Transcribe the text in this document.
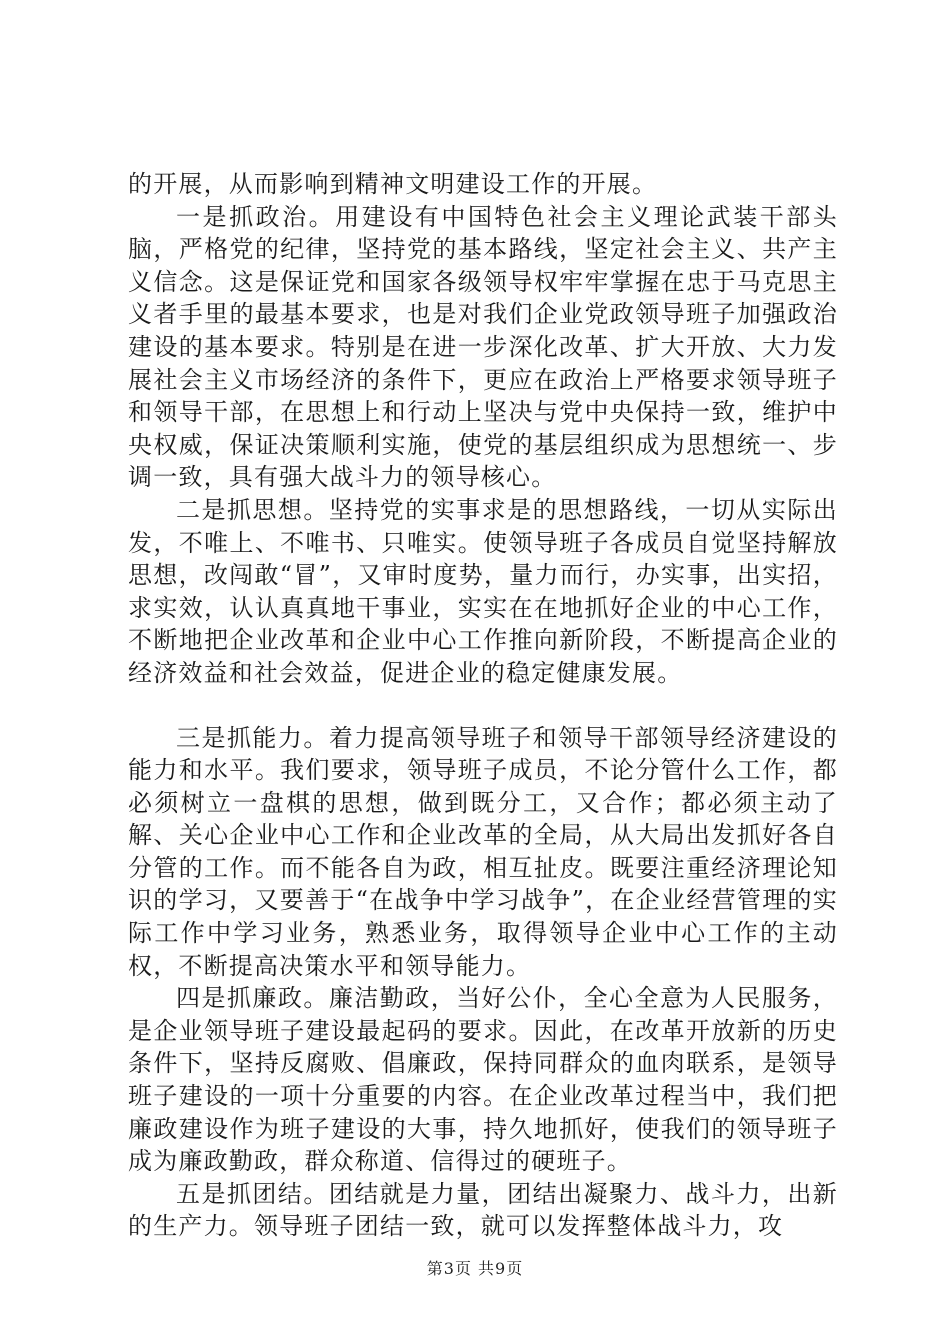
的开展，从而影响到精神文明建设工作的开展。

一是抓政治。用建设有中国特色社会主义理论武装干部头脑，严格党的纪律，坚持党的基本路线，坚定社会主义、共产主义信念。这是保证党和国家各级领导权牢牢掌握在忠于马克思主义者手里的最基本要求，也是对我们企业党政领导班子加强政治建设的基本要求。特别是在进一步深化改革、扩大开放、大力发展社会主义市场经济的条件下，更应在政治上严格要求领导班子和领导干部，在思想上和行动上坚决与党中央保持一致，维护中央权威，保证决策顺利实施，使党的基层组织成为思想统一、步调一致，具有强大战斗力的领导核心。

二是抓思想。坚持党的实事求是的思想路线，一切从实际出发，不唯上、不唯书、只唯实。使领导班子各成员自觉坚持解放思想，改闯敢“冒”，又审时度势，量力而行，办实事，出实招，求实效，认认真真地干事业，实实在在地抓好企业的中心工作，不断地把企业改革和企业中心工作推向新阶段，不断提高企业的经济效益和社会效益，促进企业的稳定健康发展。

三是抓能力。着力提高领导班子和领导干部领导经济建设的能力和水平。我们要求，领导班子成员，不论分管什么工作，都必须树立一盘棋的思想，做到既分工，又合作；都必须主动了解、关心企业中心工作和企业改革的全局，从大局出发抓好各自分管的工作。而不能各自为政，相互扯皮。既要注重经济理论知识的学习，又要善于“在战争中学习战争”，在企业经营管理的实际工作中学习业务，熟悉业务，取得领导企业中心工作的主动权，不断提高决策水平和领导能力。

四是抓廉政。廉洁勤政，当好公仆，全心全意为人民服务，是企业领导班子建设最起码的要求。因此，在改革开放新的历史条件下，坚持反腐败、倡廉政，保持同群众的血肉联系，是领导班子建设的一项十分重要的内容。在企业改革过程当中，我们把廉政建设作为班子建设的大事，持久地抓好，使我们的领导班子成为廉政勤政，群众称道、信得过的硬班子。

五是抓团结。团结就是力量，团结出凝聚力、战斗力，出新的生产力。领导班子团结一致，就可以发挥整体战斗力，攻

第3页 共9页
